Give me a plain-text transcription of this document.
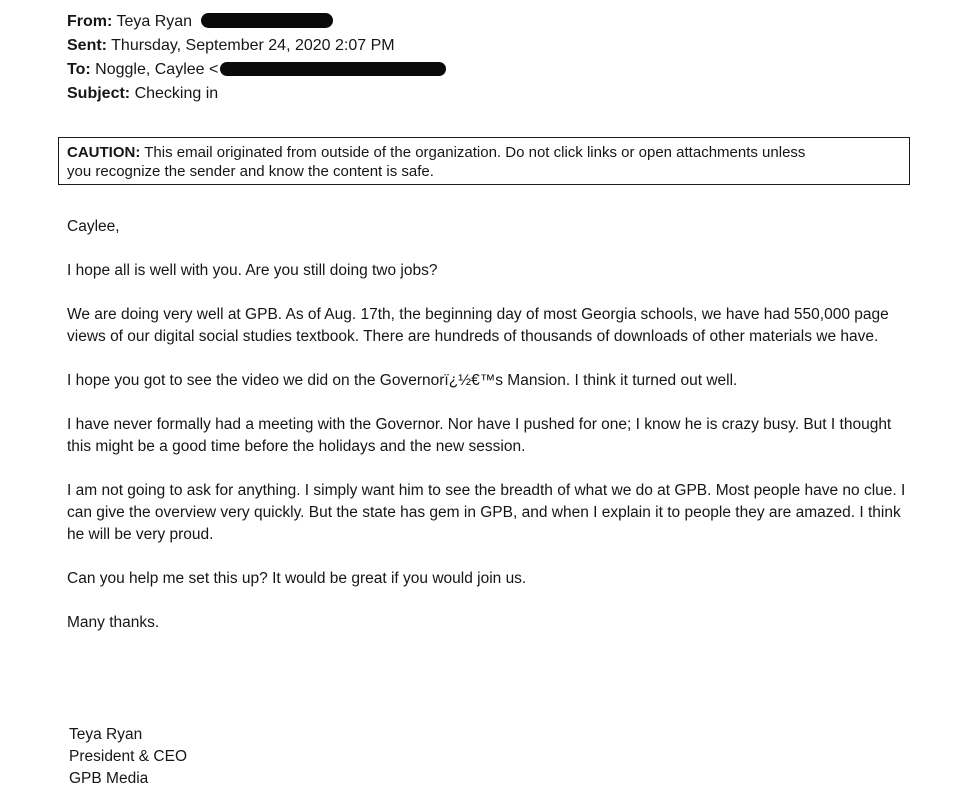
From: Teya Ryan
Sent: Thursday, September 24, 2020 2:07 PM
To: Noggle, Caylee <
Subject: Checking in
CAUTION: This email originated from outside of the organization. Do not click links or open attachments unless
you recognize the sender and know the content is safe.

Caylee,

I hope all is well with you. Are you still doing two jobs?

We are doing very well at GPB. As of Aug. 17th, the beginning day of most Georgia schools, we have had 550,000 page views of our digital social studies textbook. There are hundreds of thousands of downloads of other materials we have.

I hope you got to see the video we did on the Governorï¿½€™s Mansion. I think it turned out well.

I have never formally had a meeting with the Governor. Nor have I pushed for one; I know he is crazy busy. But I thought this might be a good time before the holidays and the new session.

I am not going to ask for anything. I simply want him to see the breadth of what we do at GPB. Most people have no clue. I can give the overview very quickly. But the state has gem in GPB, and when I explain it to people they are amazed. I think he will be very proud.

Can you help me set this up? It would be great if you would join us.

Many thanks.

Teya Ryan
President & CEO
GPB Media
